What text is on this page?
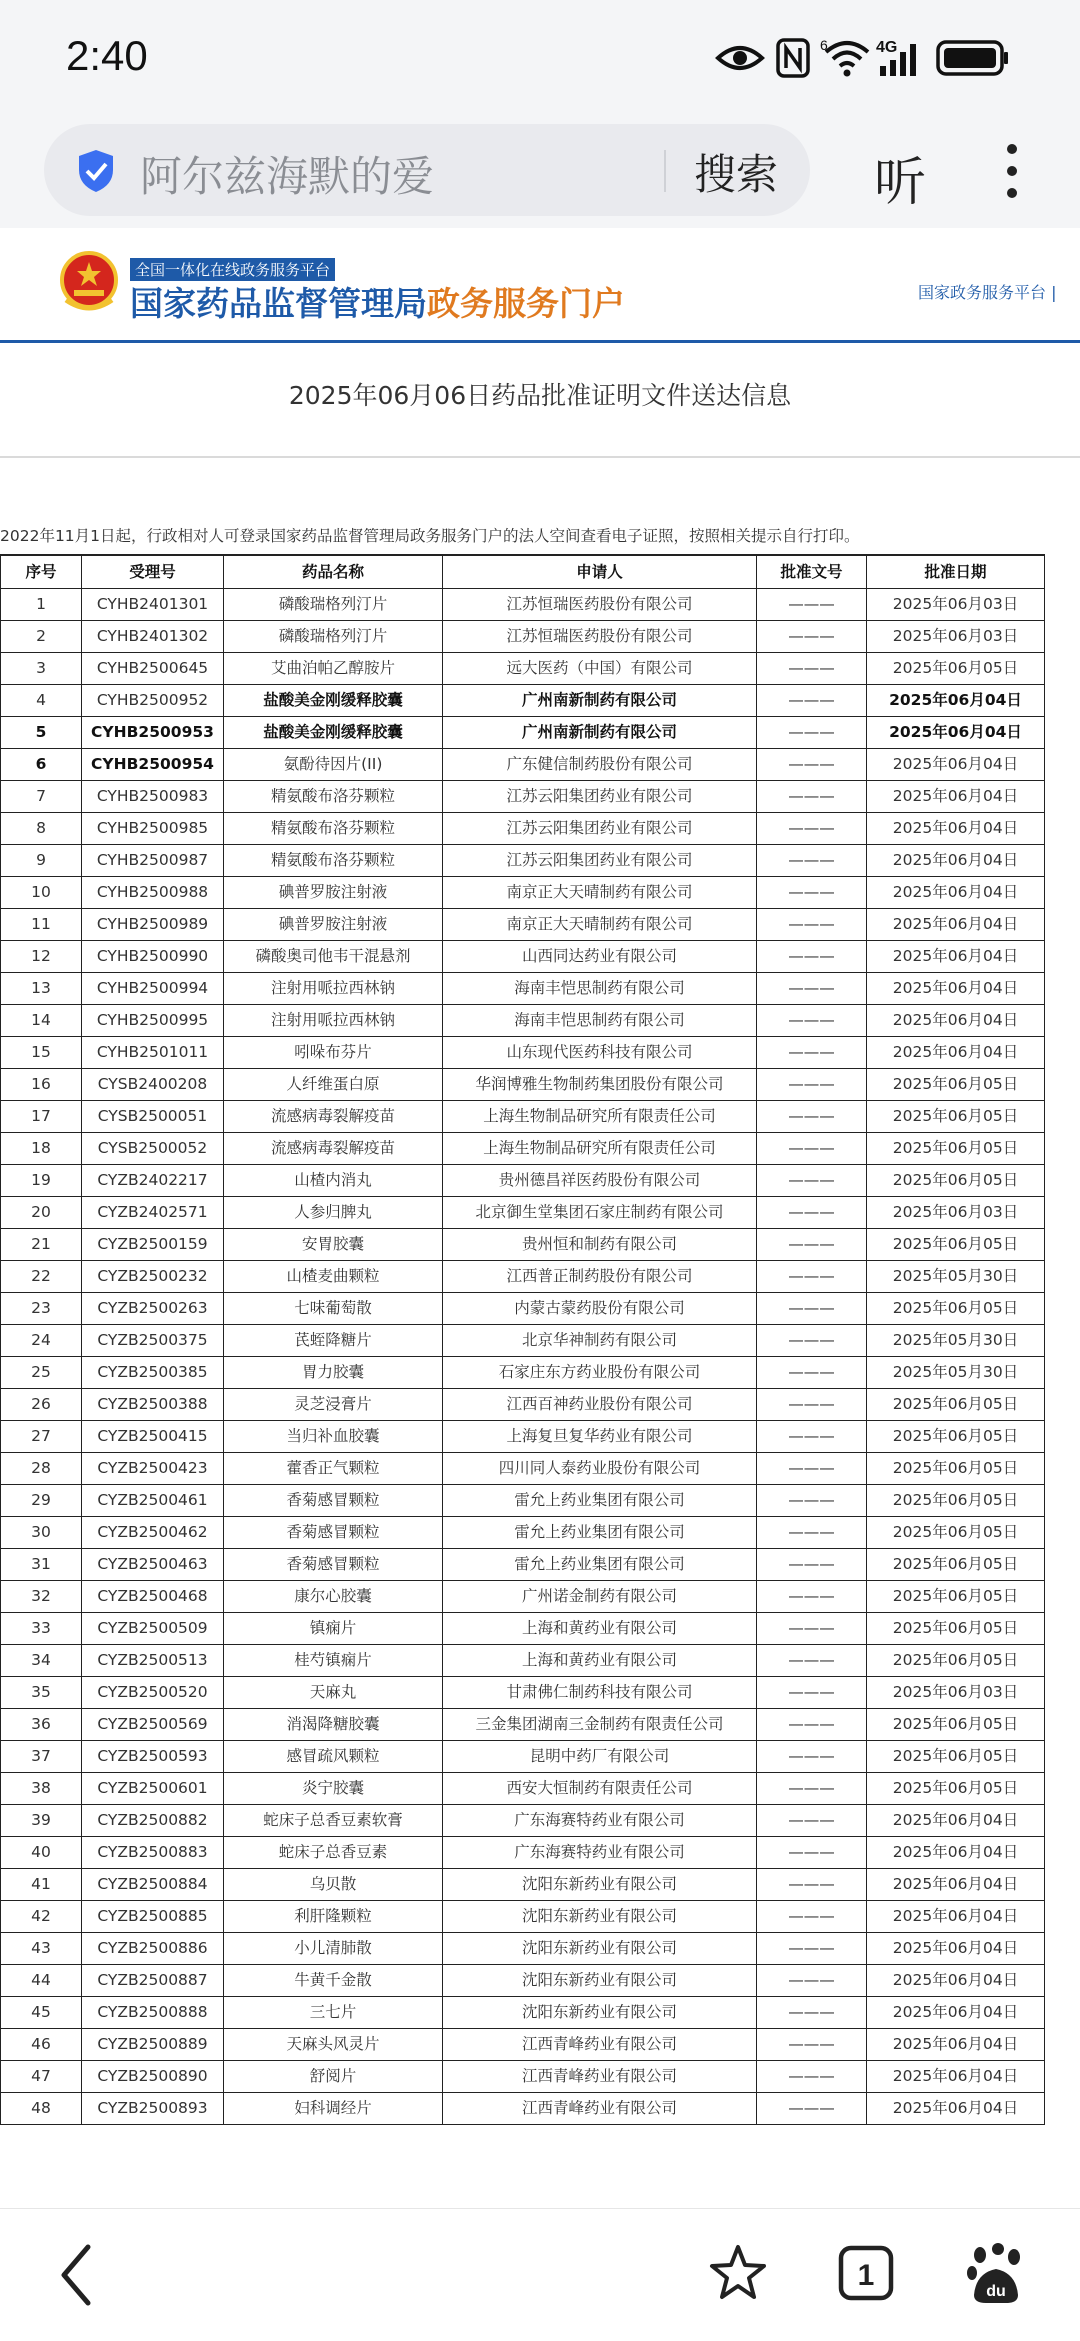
2:40	6	4G
阿尔兹海默的爱	搜索 听
全国一体化在线政务服务平台
国家药品监督管理局政务服务门户	国家政务服务平台 |
2025年06月06日药品批准证明文件送达信息
2022年11月1日起，行政相对人可登录国家药品监督管理局政务服务门户的法人空间查看电子证照，按照相关提示自行打印。
序号	受理号	药品名称	申请人	批准文号	批准日期
1	CYHB2401301	磷酸瑞格列汀片	江苏恒瑞医药股份有限公司	———	2025年06月03日
2	CYHB2401302	磷酸瑞格列汀片	江苏恒瑞医药股份有限公司	———	2025年06月03日
3	CYHB2500645	艾曲泊帕乙醇胺片	远大医药（中国）有限公司	———	2025年06月05日
4	CYHB2500952	盐酸美金刚缓释胶囊	广州南新制药有限公司	———	2025年06月04日
5	CYHB2500953	盐酸美金刚缓释胶囊	广州南新制药有限公司	———	2025年06月04日
6	CYHB2500954	氨酚待因片(II)	广东健信制药股份有限公司	———	2025年06月04日
7	CYHB2500983	精氨酸布洛芬颗粒	江苏云阳集团药业有限公司	———	2025年06月04日
8	CYHB2500985	精氨酸布洛芬颗粒	江苏云阳集团药业有限公司	———	2025年06月04日
9	CYHB2500987	精氨酸布洛芬颗粒	江苏云阳集团药业有限公司	———	2025年06月04日
10	CYHB2500988	碘普罗胺注射液	南京正大天晴制药有限公司	———	2025年06月04日
11	CYHB2500989	碘普罗胺注射液	南京正大天晴制药有限公司	———	2025年06月04日
12	CYHB2500990	磷酸奥司他韦干混悬剂	山西同达药业有限公司	———	2025年06月04日
13	CYHB2500994	注射用哌拉西林钠	海南丰恺思制药有限公司	———	2025年06月04日
14	CYHB2500995	注射用哌拉西林钠	海南丰恺思制药有限公司	———	2025年06月04日
15	CYHB2501011	吲哚布芬片	山东现代医药科技有限公司	———	2025年06月04日
16	CYSB2400208	人纤维蛋白原	华润博雅生物制药集团股份有限公司	———	2025年06月05日
17	CYSB2500051	流感病毒裂解疫苗	上海生物制品研究所有限责任公司	———	2025年06月05日
18	CYSB2500052	流感病毒裂解疫苗	上海生物制品研究所有限责任公司	———	2025年06月05日
19	CYZB2402217	山楂内消丸	贵州德昌祥医药股份有限公司	———	2025年06月05日
20	CYZB2402571	人参归脾丸	北京御生堂集团石家庄制药有限公司	———	2025年06月03日
21	CYZB2500159	安胃胶囊	贵州恒和制药有限公司	———	2025年06月05日
22	CYZB2500232	山楂麦曲颗粒	江西普正制药股份有限公司	———	2025年05月30日
23	CYZB2500263	七味葡萄散	内蒙古蒙药股份有限公司	———	2025年06月05日
24	CYZB2500375	芪蛭降糖片	北京华神制药有限公司	———	2025年05月30日
25	CYZB2500385	胃力胶囊	石家庄东方药业股份有限公司	———	2025年05月30日
26	CYZB2500388	灵芝浸膏片	江西百神药业股份有限公司	———	2025年06月05日
27	CYZB2500415	当归补血胶囊	上海复旦复华药业有限公司	———	2025年06月05日
28	CYZB2500423	藿香正气颗粒	四川同人泰药业股份有限公司	———	2025年06月05日
29	CYZB2500461	香菊感冒颗粒	雷允上药业集团有限公司	———	2025年06月05日
30	CYZB2500462	香菊感冒颗粒	雷允上药业集团有限公司	———	2025年06月05日
31	CYZB2500463	香菊感冒颗粒	雷允上药业集团有限公司	———	2025年06月05日
32	CYZB2500468	康尔心胶囊	广州诺金制药有限公司	———	2025年06月05日
33	CYZB2500509	镇痫片	上海和黄药业有限公司	———	2025年06月05日
34	CYZB2500513	桂芍镇痫片	上海和黄药业有限公司	———	2025年06月05日
35	CYZB2500520	天麻丸	甘肃佛仁制药科技有限公司	———	2025年06月03日
36	CYZB2500569	消渴降糖胶囊	三金集团湖南三金制药有限责任公司	———	2025年06月05日
37	CYZB2500593	感冒疏风颗粒	昆明中药厂有限公司	———	2025年06月05日
38	CYZB2500601	炎宁胶囊	西安大恒制药有限责任公司	———	2025年06月05日
39	CYZB2500882	蛇床子总香豆素软膏	广东海赛特药业有限公司	———	2025年06月04日
40	CYZB2500883	蛇床子总香豆素	广东海赛特药业有限公司	———	2025年06月04日
41	CYZB2500884	乌贝散	沈阳东新药业有限公司	———	2025年06月04日
42	CYZB2500885	利肝隆颗粒	沈阳东新药业有限公司	———	2025年06月04日
43	CYZB2500886	小儿清肺散	沈阳东新药业有限公司	———	2025年06月04日
44	CYZB2500887	牛黄千金散	沈阳东新药业有限公司	———	2025年06月04日
45	CYZB2500888	三七片	沈阳东新药业有限公司	———	2025年06月04日
46	CYZB2500889	天麻头风灵片	江西青峰药业有限公司	———	2025年06月04日
47	CYZB2500890	舒阅片	江西青峰药业有限公司	———	2025年06月04日
48	CYZB2500893	妇科调经片	江西青峰药业有限公司	———	2025年06月04日
1	du
